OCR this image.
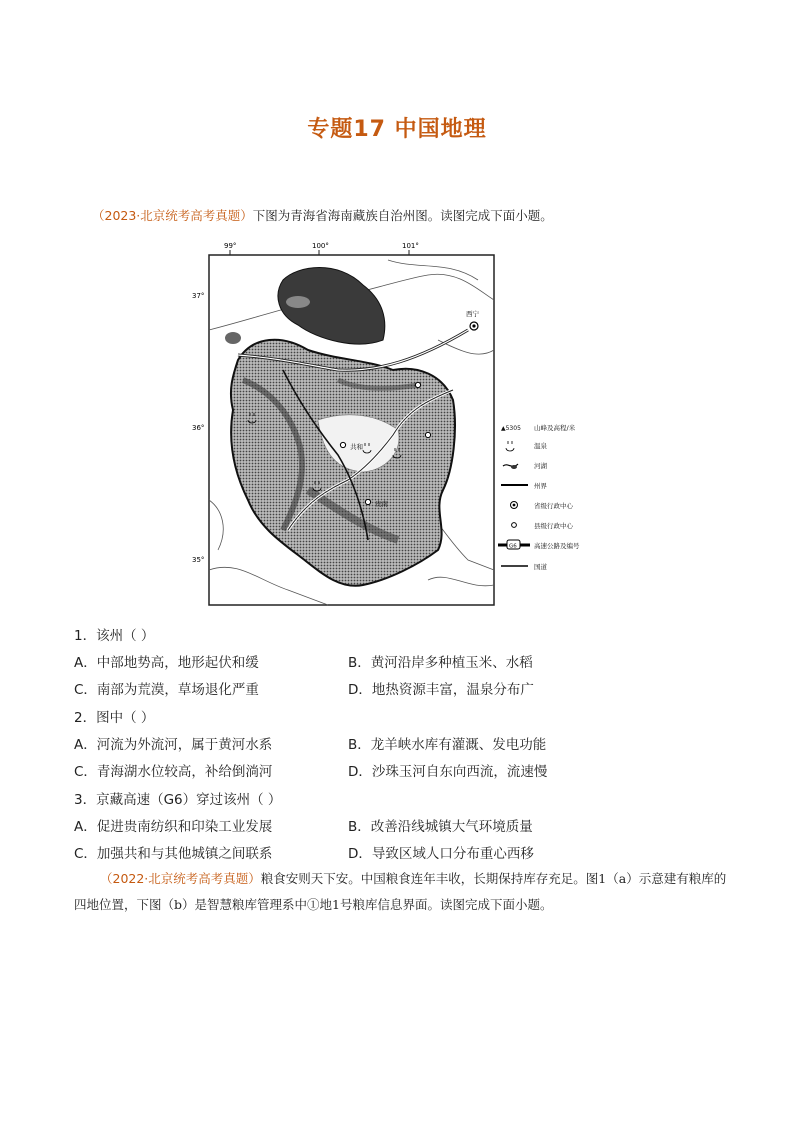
专题17 中国地理
（2023·北京统考高考真题）下图为青海省海南藏族自治州图。读图完成下面小题。
99°	100°	101°
37°
36°
35°
西宁
共和
贵南
▲5305 山峰及高程/米
温泉
河湖
州界
省级行政中心
县级行政中心
G6	高速公路及编号
国道
1．该州（ ）
A．中部地势高，地形起伏和缓	B．黄河沿岸多种植玉米、水稻
C．南部为荒漠，草场退化严重	D．地热资源丰富，温泉分布广
2．图中（ ）
A．河流为外流河，属于黄河水系	B．龙羊峡水库有灌溉、发电功能
C．青海湖水位较高，补给倒淌河	D．沙珠玉河自东向西流，流速慢
3．京藏高速（G6）穿过该州（ ）
A．促进贵南纺织和印染工业发展	B．改善沿线城镇大气环境质量
C．加强共和与其他城镇之间联系	D．导致区域人口分布重心西移
（2022·北京统考高考真题）粮食安则天下安。中国粮食连年丰收，长期保持库存充足。图1（a）示意建有粮库的四地位置，下图（b）是智慧粮库管理系中①地1号粮库信息界面。读图完成下面小题。
